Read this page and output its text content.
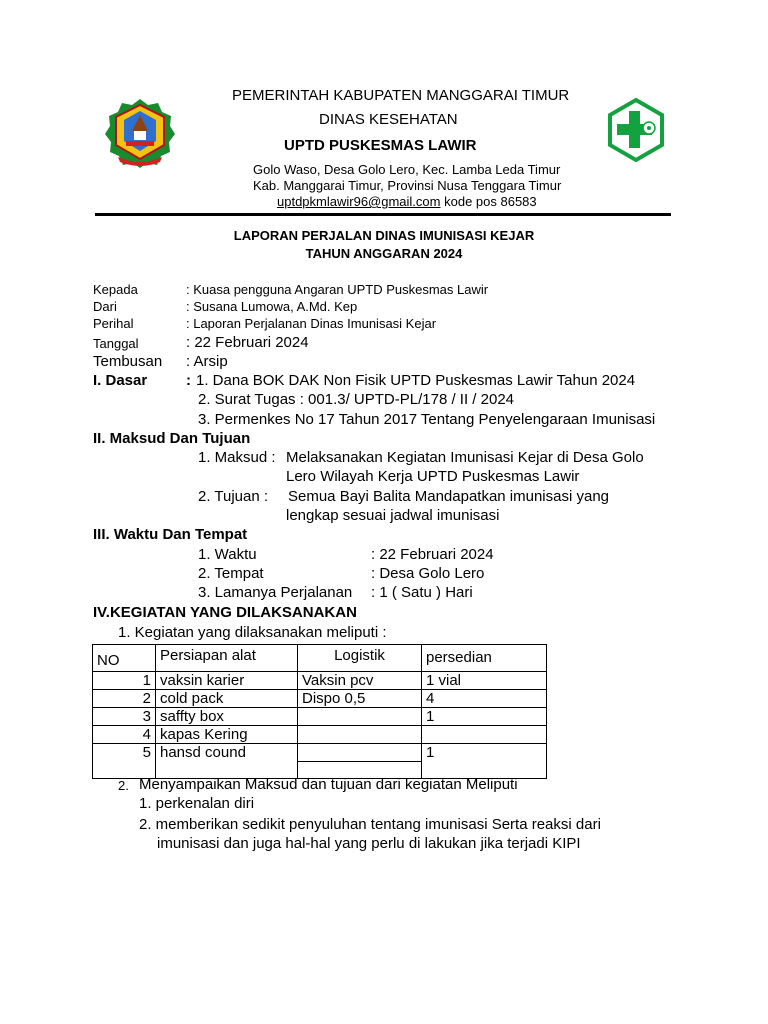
PEMERINTAH KABUPATEN MANGGARAI TIMUR
DINAS KESEHATAN
UPTD PUSKESMAS LAWIR
Golo Waso, Desa Golo Lero, Kec. Lamba Leda Timur
Kab. Manggarai Timur, Provinsi Nusa Tenggara Timur
uptdpkmlawir96@gmail.com kode pos 86583
LAPORAN PERJALAN DINAS IMUNISASI KEJAR
TAHUN ANGGARAN 2024
Kepada	: Kuasa pengguna Angaran UPTD Puskesmas Lawir
Dari	: Susana Lumowa, A.Md. Kep
Perihal	: Laporan Perjalanan Dinas Imunisasi Kejar
Tanggal	: 22 Februari 2024
Tembusan : Arsip
I. Dasar	: 1. Dana BOK DAK Non Fisik UPTD Puskesmas Lawir Tahun 2024
2. Surat Tugas : 001.3/ UPTD-PL/178 / II / 2024
3. Permenkes No 17 Tahun 2017 Tentang Penyelengaraan Imunisasi
II. Maksud Dan Tujuan
1. Maksud : Melaksanakan Kegiatan Imunisasi Kejar di Desa Golo
Lero Wilayah Kerja UPTD Puskesmas Lawir
2. Tujuan : Semua Bayi Balita Mandapatkan imunisasi yang
lengkap sesuai jadwal imunisasi
III. Waktu Dan Tempat
1. Waktu	: 22 Februari 2024
2. Tempat	: Desa Golo Lero
3. Lamanya Perjalanan : 1 ( Satu ) Hari
IV.KEGIATAN YANG DILAKSANAKAN
1. Kegiatan yang dilaksanakan meliputi :
NO	Persiapan alat	Logistik	persedian
1	vaksin karier	Vaksin pcv	1 vial
2	cold pack	Dispo 0,5	4
3	saffty box		1
4	kapas Kering		
5	hansd cound		1
2. Menyampaikan Maksud dan tujuan dari kegiatan Meliputi
1. perkenalan diri
2. memberikan sedikit penyuluhan tentang imunisasi Serta reaksi dari
imunisasi dan juga hal-hal yang perlu di lakukan jika terjadi KIPI
